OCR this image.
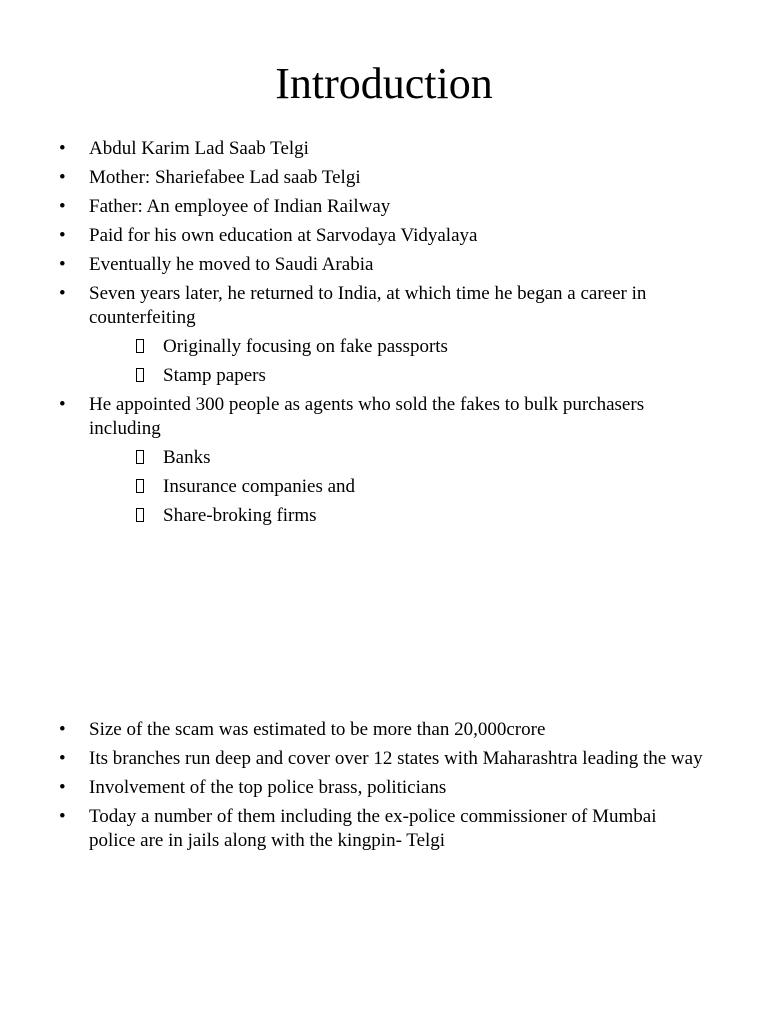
Introduction
•	Abdul Karim Lad Saab Telgi
•	Mother: Shariefabee Lad saab Telgi
•	Father: An employee of Indian Railway
•	Paid for his own education at Sarvodaya Vidyalaya
•	Eventually he moved to Saudi Arabia
•	Seven years later, he returned to India, at which time he began a career in counterfeiting
Originally focusing on fake passports
Stamp papers
•	He appointed 300 people as agents who sold the fakes to bulk purchasers including
Banks
Insurance companies and
Share-broking firms
•	Size of the scam was estimated to be more than 20,000crore
•	Its branches run deep and cover over 12 states with Maharashtra leading the way
•	Involvement of the top police brass, politicians
•	Today a number of them including the ex-police commissioner of Mumbai police are in jails along with the kingpin- Telgi
